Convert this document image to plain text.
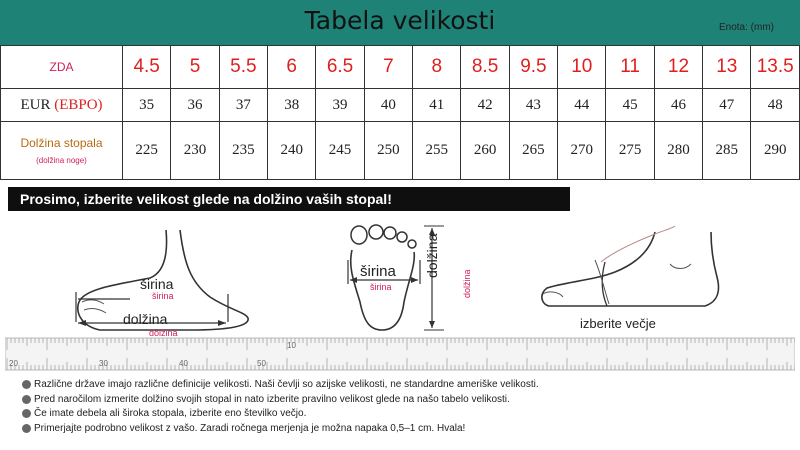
Tabela velikosti	Enota: (mm)
ZDA	4.5	5	5.5	6	6.5	7	8	8.5	9.5	10	11	12	13	13.5
EUR (EBPO)	35	36	37	38	39	40	41	42	43	44	45	46	47	48
Dolžina stopala
(dolžina noge)	225	230	235	240	245	250	255	260	265	270	275	280	285	290
Prosimo, izberite velikost glede na dolžino vaših stopal!
širina
širina
dolžina
dolžina
širina
širina
dolžina
dolžina
izberite večje
20	30	40	50
10
Različne države imajo različne definicije velikosti. Naši čevlji so azijske velikosti, ne standardne ameriške velikosti.
Pred naročilom izmerite dolžino svojih stopal in nato izberite pravilno velikost glede na našo tabelo velikosti.
Če imate debela ali široka stopala, izberite eno številko večjo.
Primerjajte podrobno velikost z vašo. Zaradi ročnega merjenja je možna napaka 0,5–1 cm. Hvala!
